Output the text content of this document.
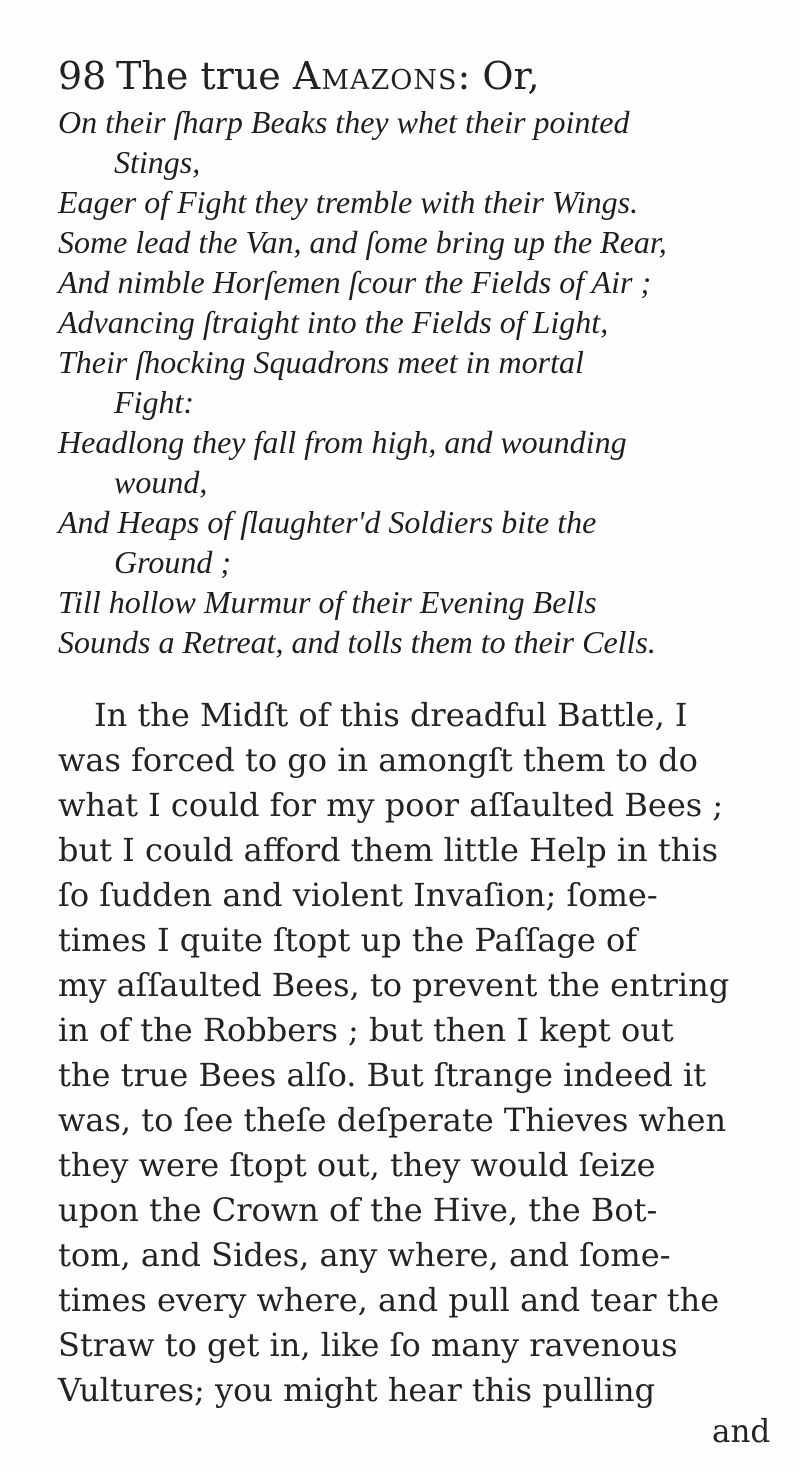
98 The true Amazons: Or,
On their ſharp Beaks they whet their pointed
Stings,
Eager of Fight they tremble with their Wings.
Some lead the Van, and ſome bring up the Rear,
And nimble Horſemen ſcour the Fields of Air ;
Advancing ſtraight into the Fields of Light,
Their ſhocking Squadrons meet in mortal
Fight:
Headlong they fall from high, and wounding
wound,
And Heaps of ſlaughter'd Soldiers bite the
Ground ;
Till hollow Murmur of their Evening Bells
Sounds a Retreat, and tolls them to their Cells.
In the Midſt of this dreadful Battle, I
was forced to go in amongſt them to do
what I could for my poor aſſaulted Bees ;
but I could afford them little Help in this
ſo ſudden and violent Invaſion; ſome-
times I quite ſtopt up the Paſſage of
my aſſaulted Bees, to prevent the entring
in of the Robbers ; but then I kept out
the true Bees alſo. But ſtrange indeed it
was, to ſee theſe deſperate Thieves when
they were ſtopt out, they would ſeize
upon the Crown of the Hive, the Bot-
tom, and Sides, any where, and ſome-
times every where, and pull and tear the
Straw to get in, like ſo many ravenous
Vultures; you might hear this pulling
and
